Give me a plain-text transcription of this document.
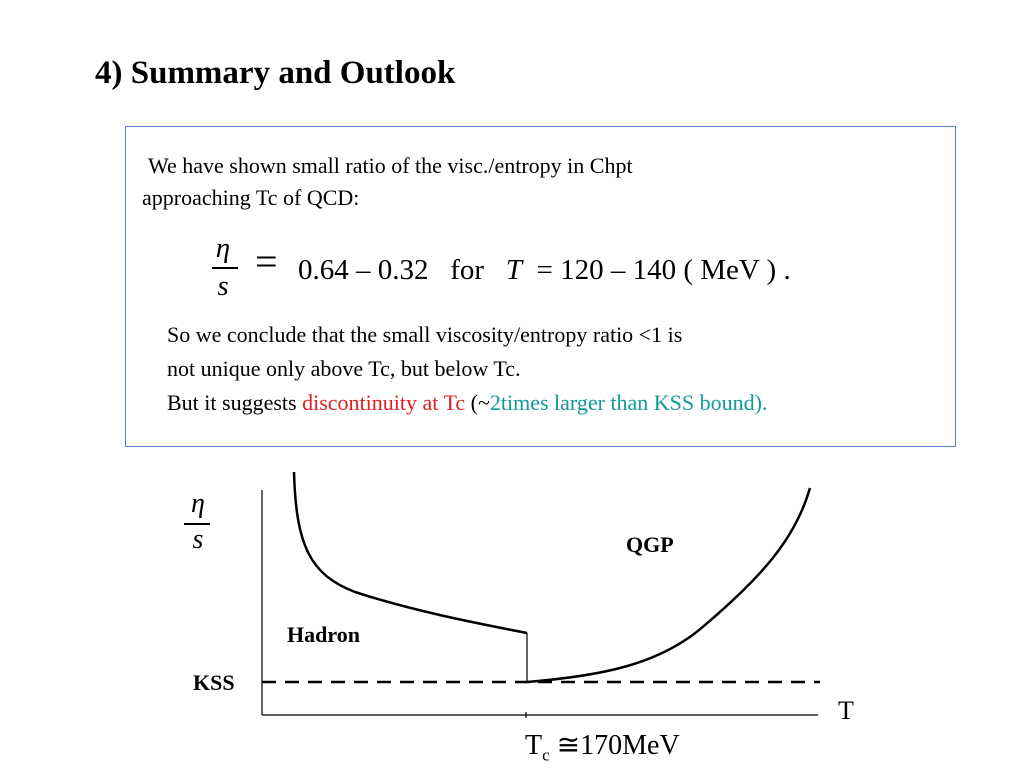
4) Summary and Outlook
We have shown small ratio of the visc./entropy in Chpt
approaching Tc of QCD:
η
s
= 0.64 – 0.32 for T = 120 – 140 ( MeV ) .
So we conclude that the small viscosity/entropy ratio <1 is
not unique only above Tc, but below Tc.
But it suggests discontinuity at Tc (~2times larger than KSS bound).
η
s	QGP
Hadron
KSS
T
$T_c$ ≅170MeV
